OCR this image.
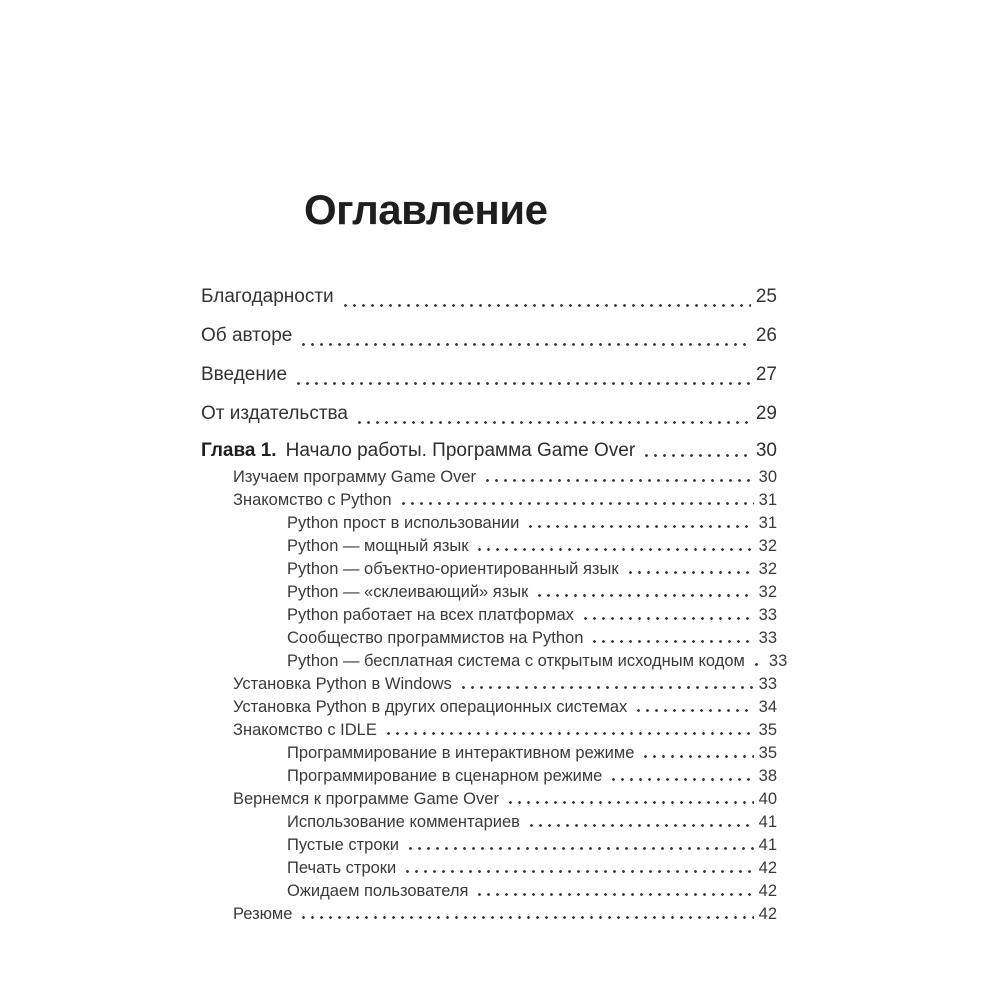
Оглавление
Благодарности	25
Об авторе	26
Введение	27
От издательства	29
Глава 1. Начало работы. Программа Game Over	30
Изучаем программу Game Over	30
Знакомство с Python	31
Python прост в использовании	31
Python — мощный язык	32
Python — объектно-ориентированный язык	32
Python — «склеивающий» язык	32
Python работает на всех платформах	33
Сообщество программистов на Python	33
Python — бесплатная система с открытым исходным кодом 33
Установка Python в Windows	33
Установка Python в других операционных системах	34
Знакомство с IDLE	35
Программирование в интерактивном режиме	35
Программирование в сценарном режиме	38
Вернемся к программе Game Over	40
Использование комментариев	41
Пустые строки	41
Печать строки	42
Ожидаем пользователя	42
Резюме	42
